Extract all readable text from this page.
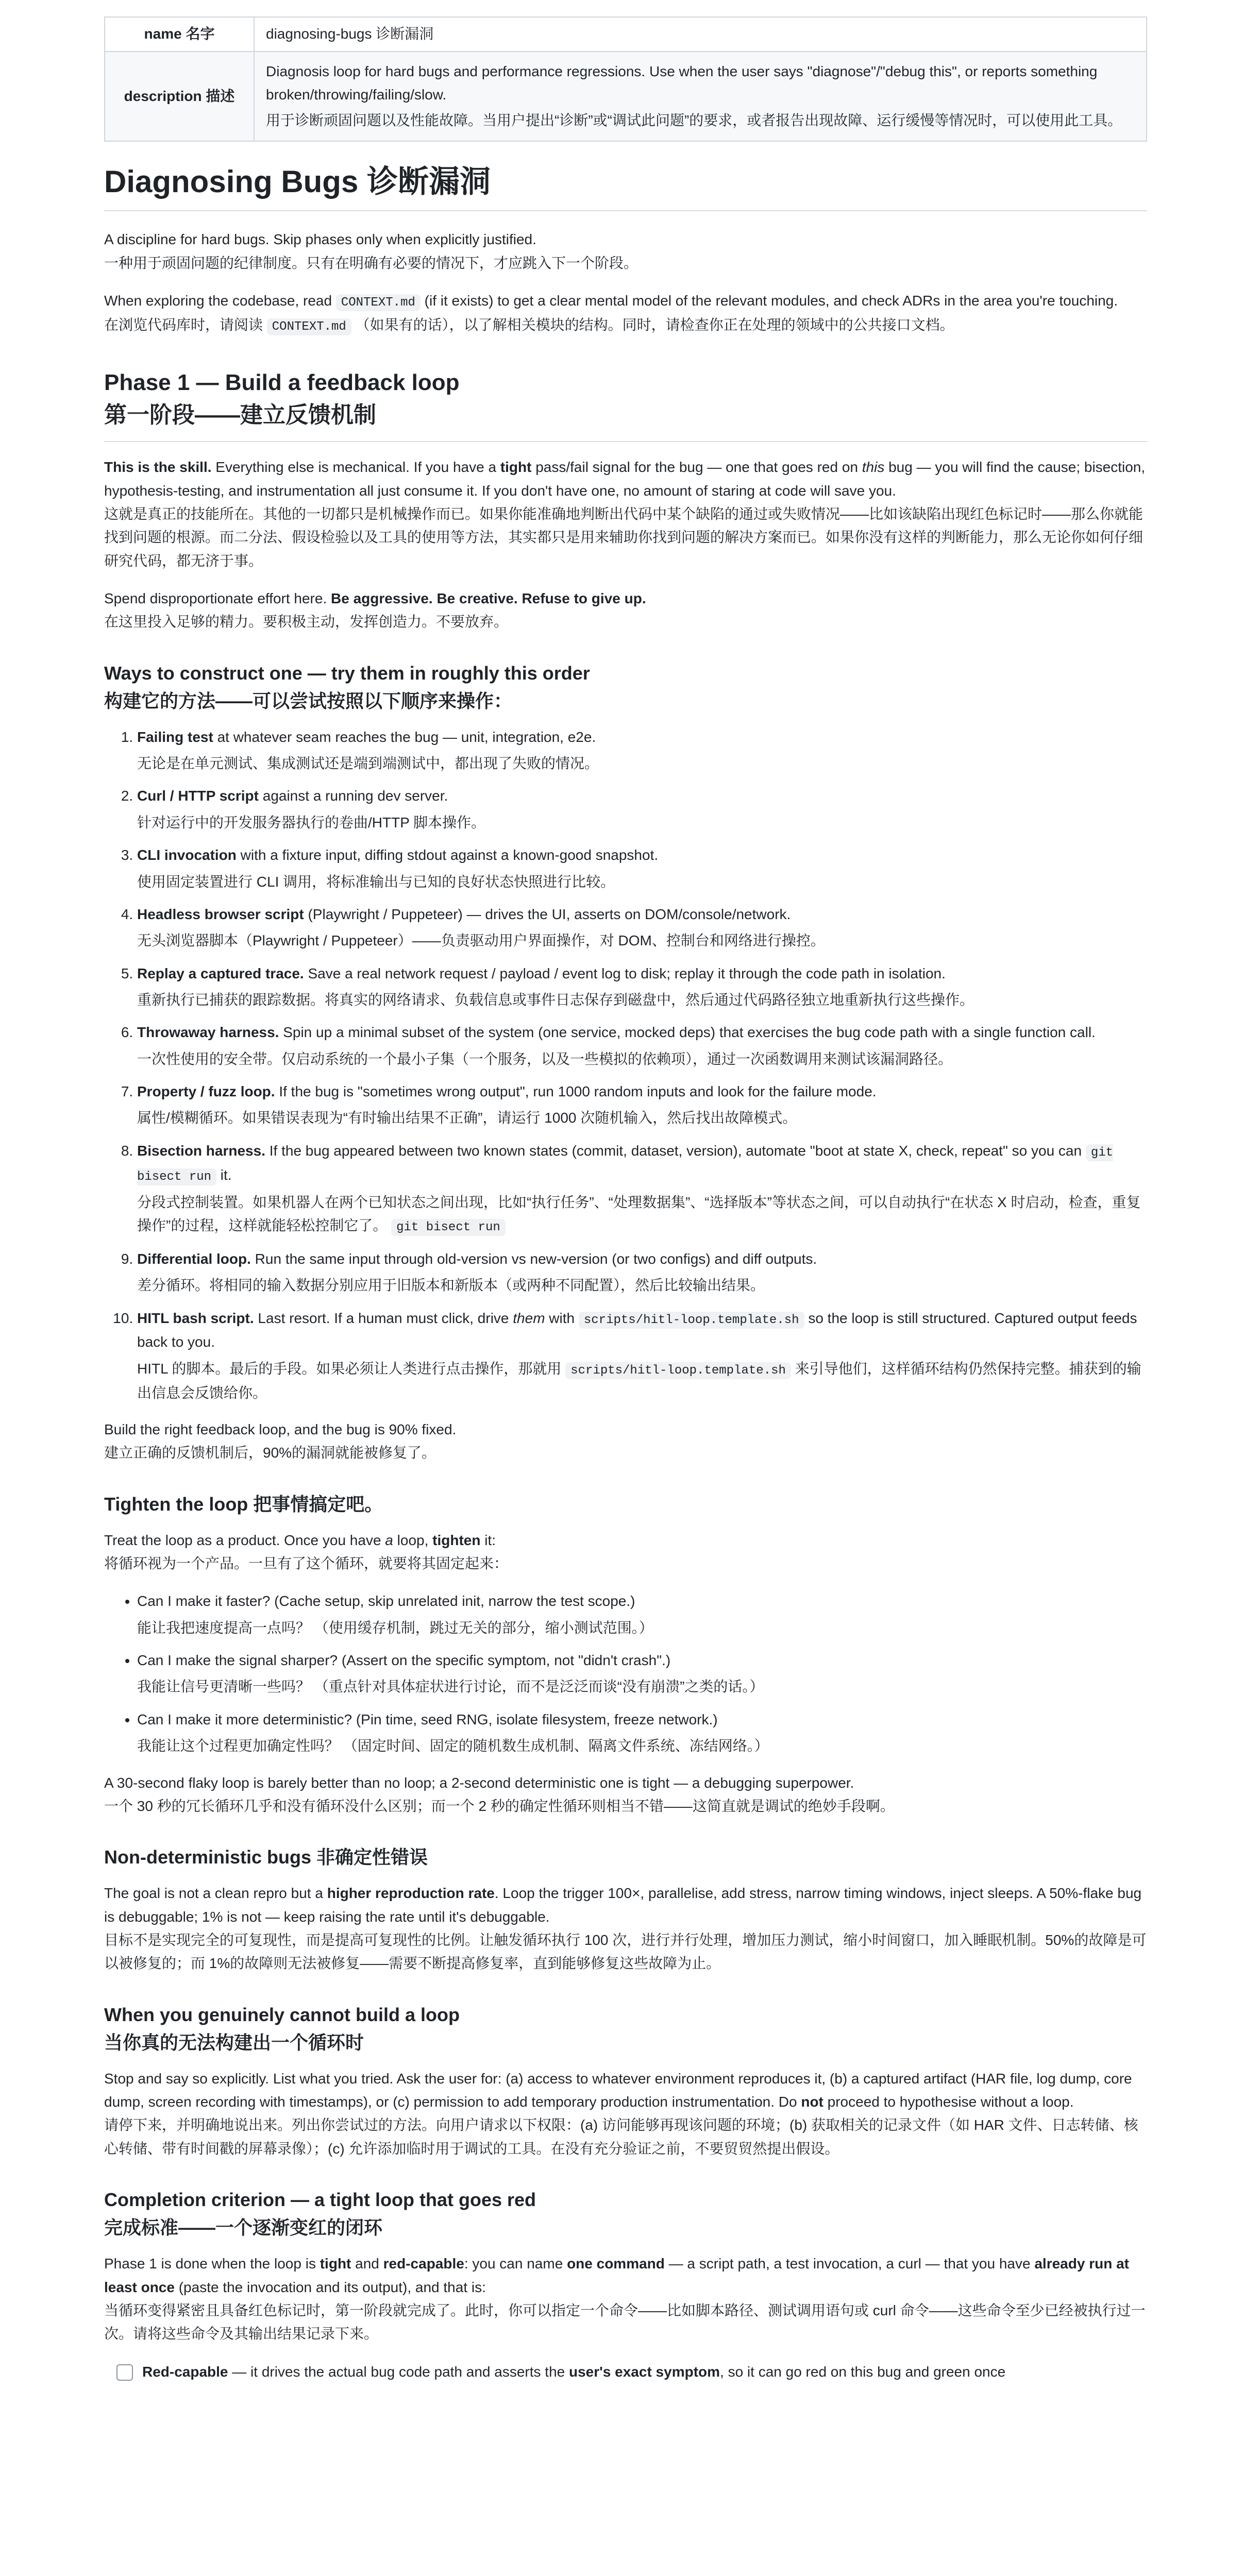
name 名字	diagnosing-bugs 诊断漏洞
description 描述	Diagnosis loop for hard bugs and performance regressions. Use when the user says "diagnose"/"debug this", or reports something broken/throwing/failing/slow.

用于诊断顽固问题以及性能故障。当用户提出“诊断”或“调试此问题”的要求，或者报告出现故障、运行缓慢等情况时，可以使用此工具。

Diagnosing Bugs 诊断漏洞

A discipline for hard bugs. Skip phases only when explicitly justified.
一种用于顽固问题的纪律制度。只有在明确有必要的情况下，才应跳入下一个阶段。

When exploring the codebase, read CONTEXT.md (if it exists) to get a clear mental model of the relevant modules, and check ADRs in the area you're touching.
在浏览代码库时，请阅读 CONTEXT.md （如果有的话），以了解相关模块的结构。同时，请检查你正在处理的领域中的公共接口文档。

Phase 1 — Build a feedback loop
第一阶段——建立反馈机制

This is the skill. Everything else is mechanical. If you have a tight pass/fail signal for the bug — one that goes red on this bug — you will find the cause; bisection, hypothesis-testing, and instrumentation all just consume it. If you don't have one, no amount of staring at code will save you.
这就是真正的技能所在。其他的一切都只是机械操作而已。如果你能准确地判断出代码中某个缺陷的通过或失败情况——比如该缺陷出现红色标记时——那么你就能找到问题的根源。而二分法、假设检验以及工具的使用等方法，其实都只是用来辅助你找到问题的解决方案而已。如果你没有这样的判断能力，那么无论你如何仔细研究代码，都无济于事。

Spend disproportionate effort here. Be aggressive. Be creative. Refuse to give up.
在这里投入足够的精力。要积极主动，发挥创造力。不要放弃。

Ways to construct one — try them in roughly this order
构建它的方法——可以尝试按照以下顺序来操作：
1. Failing test at whatever seam reaches the bug — unit, integration, e2e.
无论是在单元测试、集成测试还是端到端测试中，都出现了失败的情况。
2. Curl / HTTP script against a running dev server.
针对运行中的开发服务器执行的卷曲/HTTP 脚本操作。
3. CLI invocation with a fixture input, diffing stdout against a known-good snapshot.
使用固定装置进行 CLI 调用，将标准输出与已知的良好状态快照进行比较。
4. Headless browser script (Playwright / Puppeteer) — drives the UI, asserts on DOM/console/network.
无头浏览器脚本（Playwright / Puppeteer）——负责驱动用户界面操作，对 DOM、控制台和网络进行操控。
5. Replay a captured trace. Save a real network request / payload / event log to disk; replay it through the code path in isolation.
重新执行已捕获的跟踪数据。将真实的网络请求、负载信息或事件日志保存到磁盘中，然后通过代码路径独立地重新执行这些操作。
6. Throwaway harness. Spin up a minimal subset of the system (one service, mocked deps) that exercises the bug code path with a single function call.
一次性使用的安全带。仅启动系统的一个最小子集（一个服务，以及一些模拟的依赖项），通过一次函数调用来测试该漏洞路径。
7. Property / fuzz loop. If the bug is "sometimes wrong output", run 1000 random inputs and look for the failure mode.
属性/模糊循环。如果错误表现为“有时输出结果不正确”，请运行 1000 次随机输入，然后找出故障模式。
8. Bisection harness. If the bug appeared between two known states (commit, dataset, version), automate "boot at state X, check, repeat" so you can git bisect run it.
分段式控制装置。如果机器人在两个已知状态之间出现，比如“执行任务”、“处理数据集”、“选择版本”等状态之间，可以自动执行“在状态 X 时启动，检查，重复操作”的过程，这样就能轻松控制它了。 git bisect run
9. Differential loop. Run the same input through old-version vs new-version (or two configs) and diff outputs.
差分循环。将相同的输入数据分别应用于旧版本和新版本（或两种不同配置），然后比较输出结果。
10. HITL bash script. Last resort. If a human must click, drive them with scripts/hitl-loop.template.sh so the loop is still structured. Captured output feeds back to you.
HITL 的脚本。最后的手段。如果必须让人类进行点击操作，那就用 scripts/hitl-loop.template.sh 来引导他们，这样循环结构仍然保持完整。捕获到的输出信息会反馈给你。

Build the right feedback loop, and the bug is 90% fixed.
建立正确的反馈机制后，90%的漏洞就能被修复了。

Tighten the loop 把事情搞定吧。

Treat the loop as a product. Once you have a loop, tighten it:
将循环视为一个产品。一旦有了这个循环，就要将其固定起来：

• Can I make it faster? (Cache setup, skip unrelated init, narrow the test scope.)
能让我把速度提高一点吗？ （使用缓存机制，跳过无关的部分，缩小测试范围。）
• Can I make the signal sharper? (Assert on the specific symptom, not "didn't crash".)
我能让信号更清晰一些吗？ （重点针对具体症状进行讨论，而不是泛泛而谈“没有崩溃”之类的话。）
• Can I make it more deterministic? (Pin time, seed RNG, isolate filesystem, freeze network.)
我能让这个过程更加确定性吗？ （固定时间、固定的随机数生成机制、隔离文件系统、冻结网络。）

A 30-second flaky loop is barely better than no loop; a 2-second deterministic one is tight — a debugging superpower.
一个 30 秒的冗长循环几乎和没有循环没什么区别；而一个 2 秒的确定性循环则相当不错——这简直就是调试的绝妙手段啊。

Non-deterministic bugs 非确定性错误

The goal is not a clean repro but a higher reproduction rate. Loop the trigger 100×, parallelise, add stress, narrow timing windows, inject sleeps. A 50%-flake bug is debuggable; 1% is not — keep raising the rate until it's debuggable.
目标不是实现完全的可复现性，而是提高可复现性的比例。让触发循环执行 100 次，进行并行处理，增加压力测试，缩小时间窗口，加入睡眠机制。50%的故障是可以被修复的；而 1%的故障则无法被修复——需要不断提高修复率，直到能够修复这些故障为止。

When you genuinely cannot build a loop
当你真的无法构建出一个循环时

Stop and say so explicitly. List what you tried. Ask the user for: (a) access to whatever environment reproduces it, (b) a captured artifact (HAR file, log dump, core dump, screen recording with timestamps), or (c) permission to add temporary production instrumentation. Do not proceed to hypothesise without a loop.
请停下来，并明确地说出来。列出你尝试过的方法。向用户请求以下权限：(a) 访问能够再现该问题的环境；(b) 获取相关的记录文件（如 HAR 文件、日志转储、核心转储、带有时间戳的屏幕录像）；(c) 允许添加临时用于调试的工具。在没有充分验证之前，不要贸贸然提出假设。

Completion criterion — a tight loop that goes red
完成标准——一个逐渐变红的闭环

Phase 1 is done when the loop is tight and red-capable: you can name one command — a script path, a test invocation, a curl — that you have already run at least once (paste the invocation and its output), and that is:
当循环变得紧密且具备红色标记时，第一阶段就完成了。此时，你可以指定一个命令——比如脚本路径、测试调用语句或 curl 命令——这些命令至少已经被执行过一次。请将这些命令及其输出结果记录下来。

Red-capable — it drives the actual bug code path and asserts the user's exact symptom, so it can go red on this bug and green once
